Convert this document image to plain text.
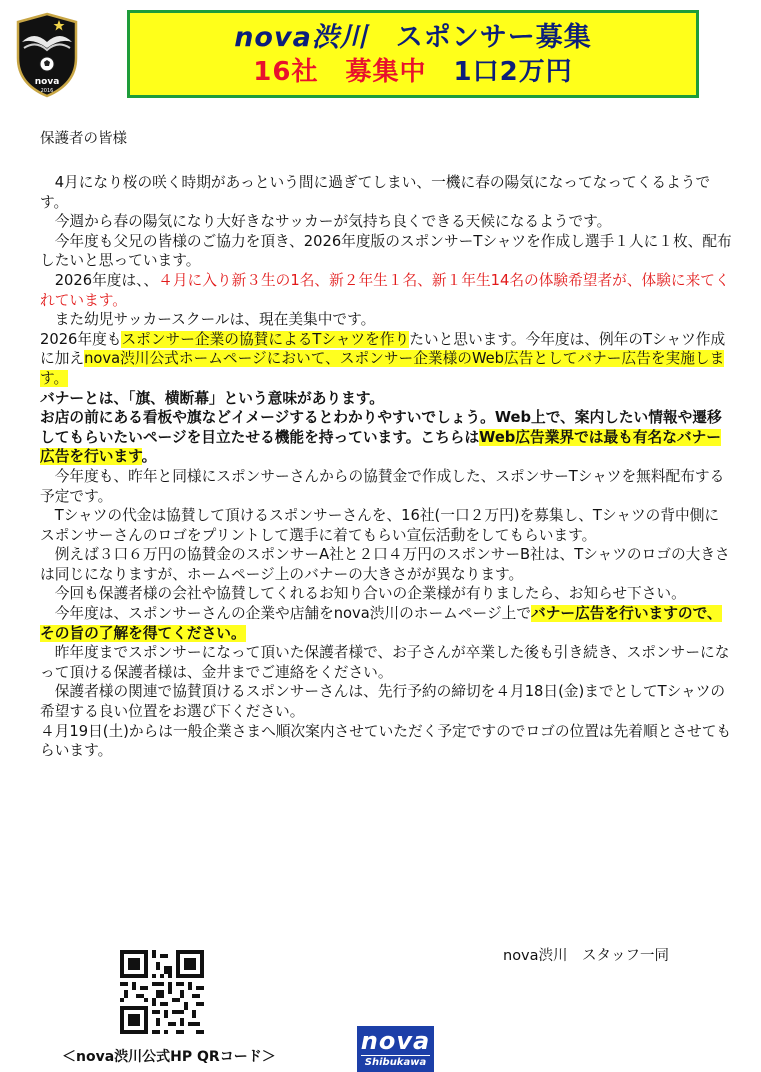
nova
2016
nova渋川　 スポンサー募集
16社　募集中　 1口2万円
保護者の皆様

　4月になり桜の咲く時期があっという間に過ぎてしまい、一機に春の陽気になってなってくるようです。

　今週から春の陽気になり大好きなサッカーが気持ち良くできる天候になるようです。

　今年度も父兄の皆様のご協力を頂き、2026年度版のスポンサーTシャツを作成し選手１人に１枚、配布したいと思っています。

　2026年度は、、４月に入り新３生の1名、新２年生１名、新１年生14名の体験希望者が、体験に来てくれています。

　また幼児サッカースクールは、現在美集中です。

2026年度もスポンサー企業の協賛によるTシャツを作りたいと思います。今年度は、例年のTシャツ作成に加えnova渋川公式ホームページにおいて、スポンサー企業様のWeb広告としてバナー広告を実施します。

バナーとは、「旗、横断幕」という意味があります。

お店の前にある看板や旗などイメージするとわかりやすいでしょう。Web上で、案内したい情報や遷移してもらいたいページを目立たせる機能を持っています。こちらはWeb広告業界では最も有名なバナー広告を行います。

　今年度も、昨年と同様にスポンサーさんからの協賛金で作成した、スポンサーTシャツを無料配布する予定です。

　Tシャツの代金は協賛して頂けるスポンサーさんを、16社(一口２万円)を募集し、Tシャツの背中側にスポンサーさんのロゴをプリントして選手に着てもらい宣伝活動をしてもらいます。

　例えば３口６万円の協賛金のスポンサーA社と２口４万円のスポンサーB社は、Tシャツのロゴの大きさは同じになりますが、ホームページ上のバナーの大きさがが異なります。

　今回も保護者様の会社や協賛してくれるお知り合いの企業様が有りましたら、お知らせ下さい。

　今年度は、スポンサーさんの企業や店舗をnova渋川のホームページ上でバナー広告を行いますので、その旨の了解を得てください。

　昨年度までスポンサーになって頂いた保護者様で、お子さんが卒業した後も引き続き、スポンサーになって頂ける保護者様は、金井までご連絡をください。

　保護者様の関連で協賛頂けるスポンサーさんは、先行予約の締切を４月18日(金)までとしてTシャツの希望する良い位置をお選び下ください。

４月19日(土)からは一般企業さまへ順次案内させていただく予定ですのでロゴの位置は先着順とさせてもらいます。

nova渋川　スタッフ一同
＜nova渋川公式HP QRコード＞
nova
Shibukawa
